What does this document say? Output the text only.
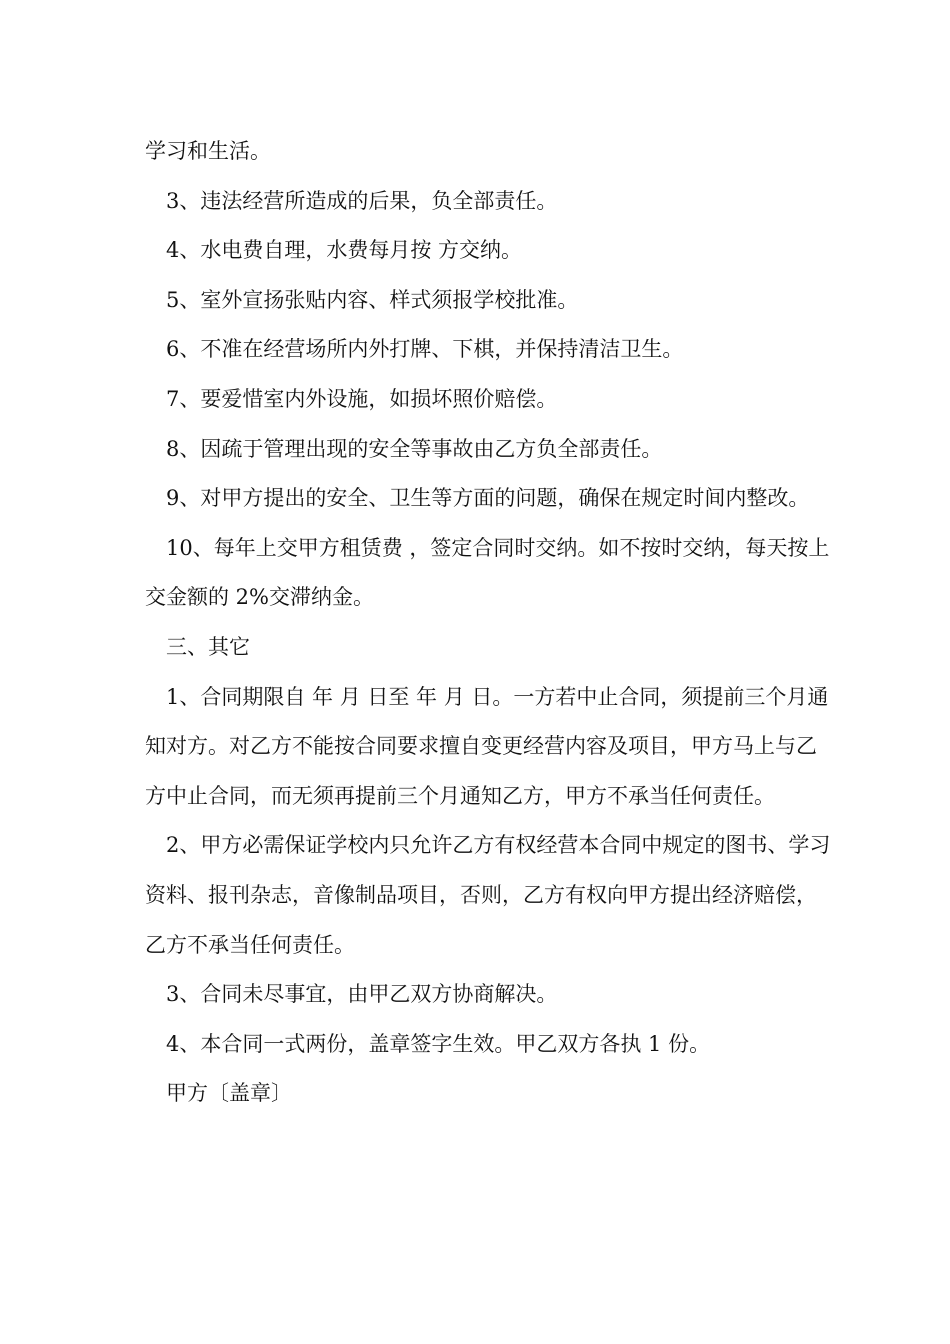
学习和生活。

3、违法经营所造成的后果，负全部责任。

4、水电费自理，水费每月按 方交纳。

5、室外宣扬张贴内容、样式须报学校批准。

6、不准在经营场所内外打牌、下棋，并保持清洁卫生。

7、要爱惜室内外设施，如损坏照价赔偿。

8、因疏于管理出现的安全等事故由乙方负全部责任。

9、对甲方提出的安全、卫生等方面的问题，确保在规定时间内整改。

10、每年上交甲方租赁费 ，签定合同时交纳。如不按时交纳，每天按上交金额的 2%交滞纳金。

三、其它

1、合同期限自 年 月 日至 年 月 日。一方若中止合同，须提前三个月通知对方。对乙方不能按合同要求擅自变更经营内容及项目，甲方马上与乙方中止合同，而无须再提前三个月通知乙方，甲方不承当任何责任。

2、甲方必需保证学校内只允许乙方有权经营本合同中规定的图书、学习资料、报刊杂志，音像制品项目，否则，乙方有权向甲方提出经济赔偿，乙方不承当任何责任。

3、合同未尽事宜，由甲乙双方协商解决。

4、本合同一式两份，盖章签字生效。甲乙双方各执 1 份。

甲方〔盖章〕
